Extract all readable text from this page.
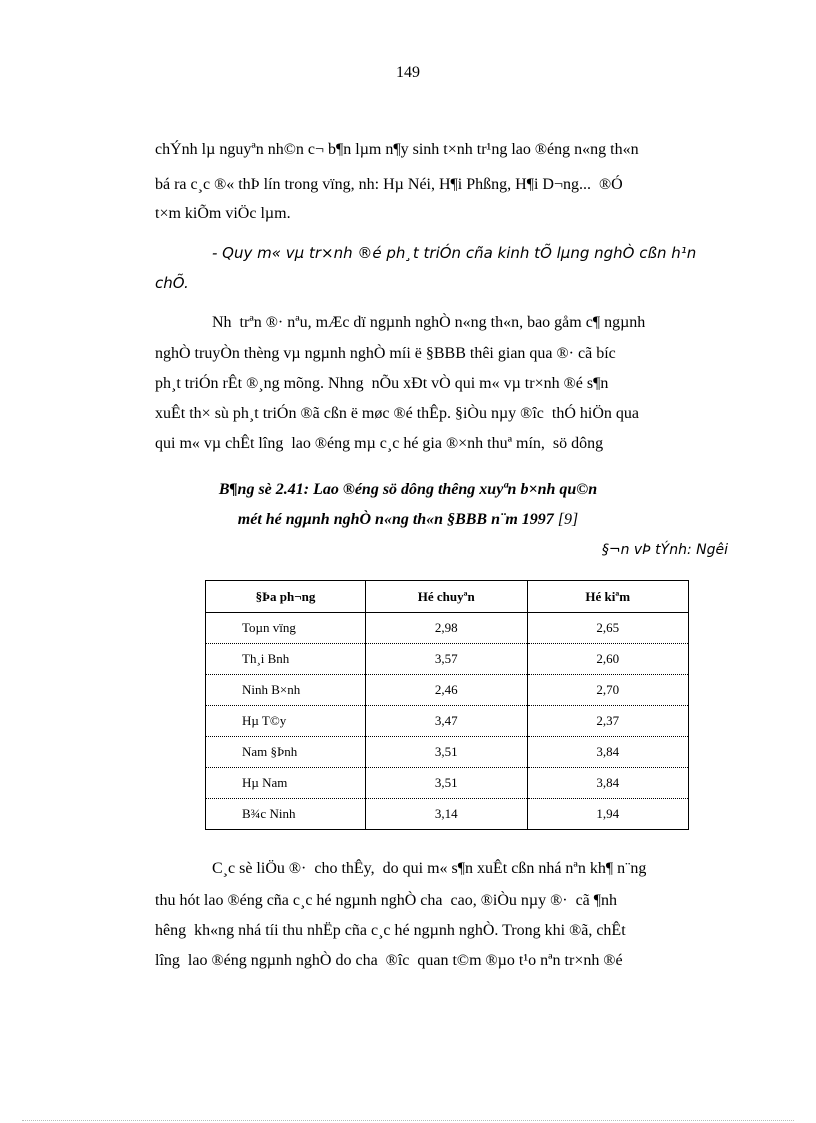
149
chÝnh lµ nguyªn nh©n c¬ b¶n lµm n¶y sinh t×nh tr¹ng lao ®éng n«ng th«n
bá ra c¸c ®« thÞ lín trong vïng, nh: Hµ Néi, H¶i Phßng, H¶i D¬ng...  ®Ó
t×m kiÕm viÖc lµm.
- Quy m« vµ tr×nh ®é ph¸t triÓn cña kinh tÕ lµng nghÒ cßn h¹n
chÕ.
Nh  trªn ®· nªu, mÆc dï ngµnh nghÒ n«ng th«n, bao gåm c¶ ngµnh
nghÒ truyÒn thèng vµ ngµnh nghÒ míi ë §BBB thêi gian qua ®· cã bíc
ph¸t triÓn rÊt ®¸ng mõng. Nhng  nÕu xÐt vÒ qui m« vµ tr×nh ®é s¶n
xuÊt th× sù ph¸t triÓn ®ã cßn ë møc ®é thÊp. §iÒu nµy ®îc  thÓ hiÖn qua
qui m« vµ chÊt lîng  lao ®éng mµ c¸c hé gia ®×nh thuª mín,  sö dông
B¶ng sè 2.41: Lao ®éng sö dông thêng xuyªn b×nh qu©n
mét hé ngµnh nghÒ n«ng th«n §BBB n¨m 1997 [9]
§¬n vÞ tÝnh: Ngêi
§Þa ph¬ng	Hé chuyªn	Hé kiªm
Toµn vïng	2,98	2,65
Th¸i Bnh	3,57	2,60
Ninh B×nh	2,46	2,70
Hµ T©y	3,47	2,37
Nam §Þnh	3,51	3,84
Hµ Nam	3,51	3,84
B¾c Ninh	3,14	1,94
C¸c sè liÖu ®·  cho thÊy,  do qui m« s¶n xuÊt cßn nhá nªn kh¶ n¨ng
thu hót lao ®éng cña c¸c hé ngµnh nghÒ cha  cao, ®iÒu nµy ®·  cã ¶nh
hêng  kh«ng nhá tíi thu nhËp cña c¸c hé ngµnh nghÒ. Trong khi ®ã, chÊt
lîng  lao ®éng ngµnh nghÒ do cha  ®îc  quan t©m ®µo t¹o nªn tr×nh ®é
